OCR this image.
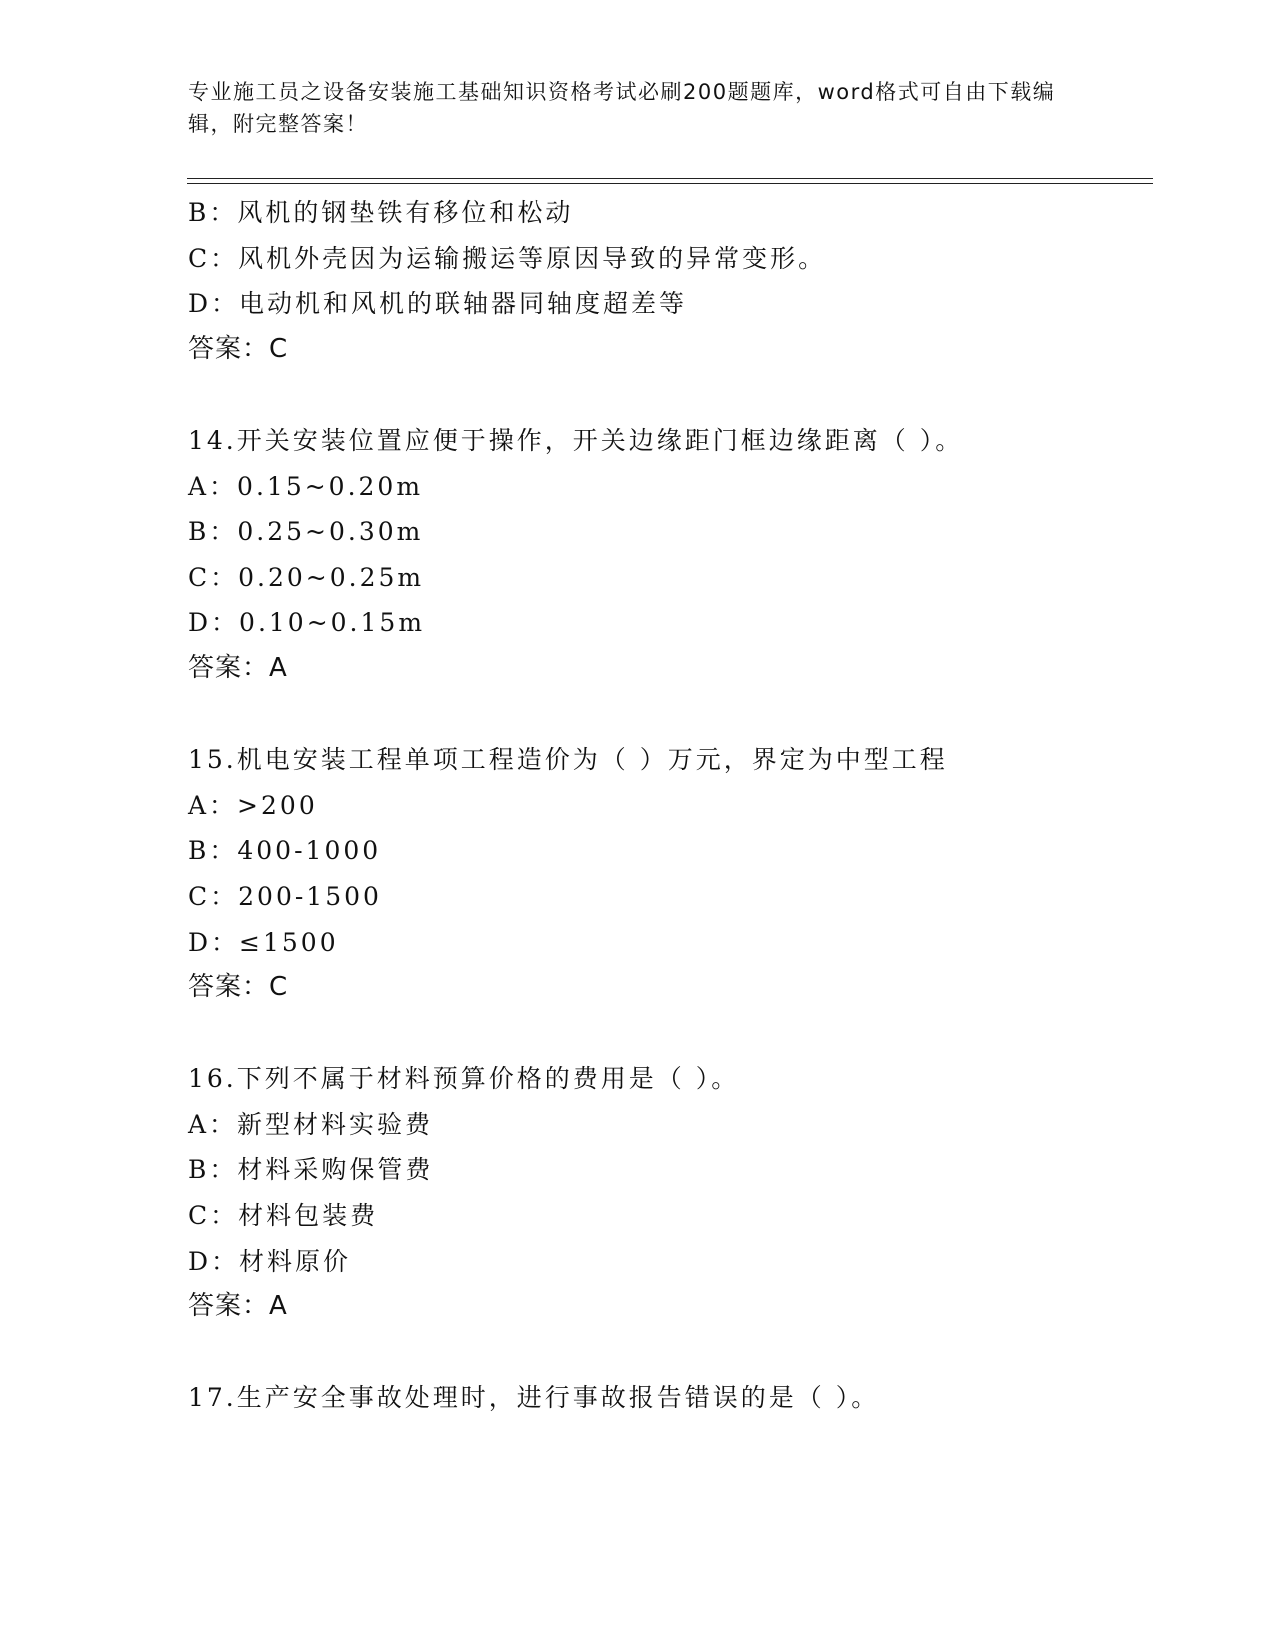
专业施工员之设备安装施工基础知识资格考试必刷200题题库，word格式可自由下载编辑，附完整答案！
B：风机的钢垫铁有移位和松动
C：风机外壳因为运输搬运等原因导致的异常变形。
D：电动机和风机的联轴器同轴度超差等
答案：C
14.开关安装位置应便于操作，开关边缘距门框边缘距离（ ）。
A：0.15~0.20m
B：0.25~0.30m
C：0.20~0.25m
D：0.10~0.15m
答案：A
15.机电安装工程单项工程造价为（ ）万元，界定为中型工程
A：>200
B：400-1000
C：200-1500
D：≤1500
答案：C
16.下列不属于材料预算价格的费用是（ ）。
A：新型材料实验费
B：材料采购保管费
C：材料包装费
D：材料原价
答案：A
17.生产安全事故处理时，进行事故报告错误的是（ ）。
